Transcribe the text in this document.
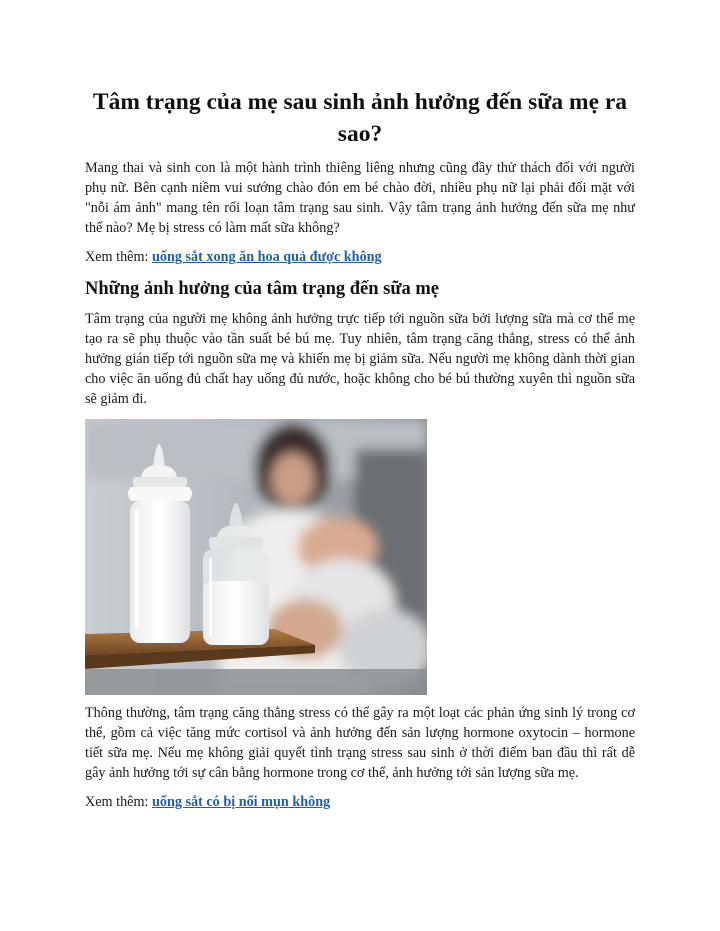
Tâm trạng của mẹ sau sinh ảnh hưởng đến sữa mẹ ra sao?

Mang thai và sinh con là một hành trình thiêng liêng nhưng cũng đầy thử thách đối với người phụ nữ. Bên cạnh niềm vui sướng chào đón em bé chào đời, nhiều phụ nữ lại phải đối mặt với "nỗi ám ảnh" mang tên rối loạn tâm trạng sau sinh. Vậy tâm trạng ảnh hưởng đến sữa mẹ như thế nào? Mẹ bị stress có làm mất sữa không?

Xem thêm: uống sắt xong ăn hoa quả được không

Những ảnh hưởng của tâm trạng đến sữa mẹ

Tâm trạng của người mẹ không ảnh hưởng trực tiếp tới nguồn sữa bởi lượng sữa mà cơ thể mẹ tạo ra sẽ phụ thuộc vào tần suất bé bú mẹ. Tuy nhiên, tâm trạng căng thẳng, stress có thể ảnh hưởng gián tiếp tới nguồn sữa mẹ và khiến mẹ bị giảm sữa. Nếu người mẹ không dành thời gian cho việc ăn uống đủ chất hay uống đủ nước, hoặc không cho bé bú thường xuyên thì nguồn sữa sẽ giảm đi.

Thông thường, tâm trạng căng thẳng stress có thể gây ra một loạt các phản ứng sinh lý trong cơ thể, gồm cả việc tăng mức cortisol và ảnh hưởng đến sản lượng hormone oxytocin – hormone tiết sữa mẹ. Nếu mẹ không giải quyết tình trạng stress sau sinh ở thời điểm ban đầu thì rất dễ gây ảnh hưởng tới sự cân bằng hormone trong cơ thể, ảnh hưởng tới sản lượng sữa mẹ.

Xem thêm: uống sắt có bị nổi mụn không
